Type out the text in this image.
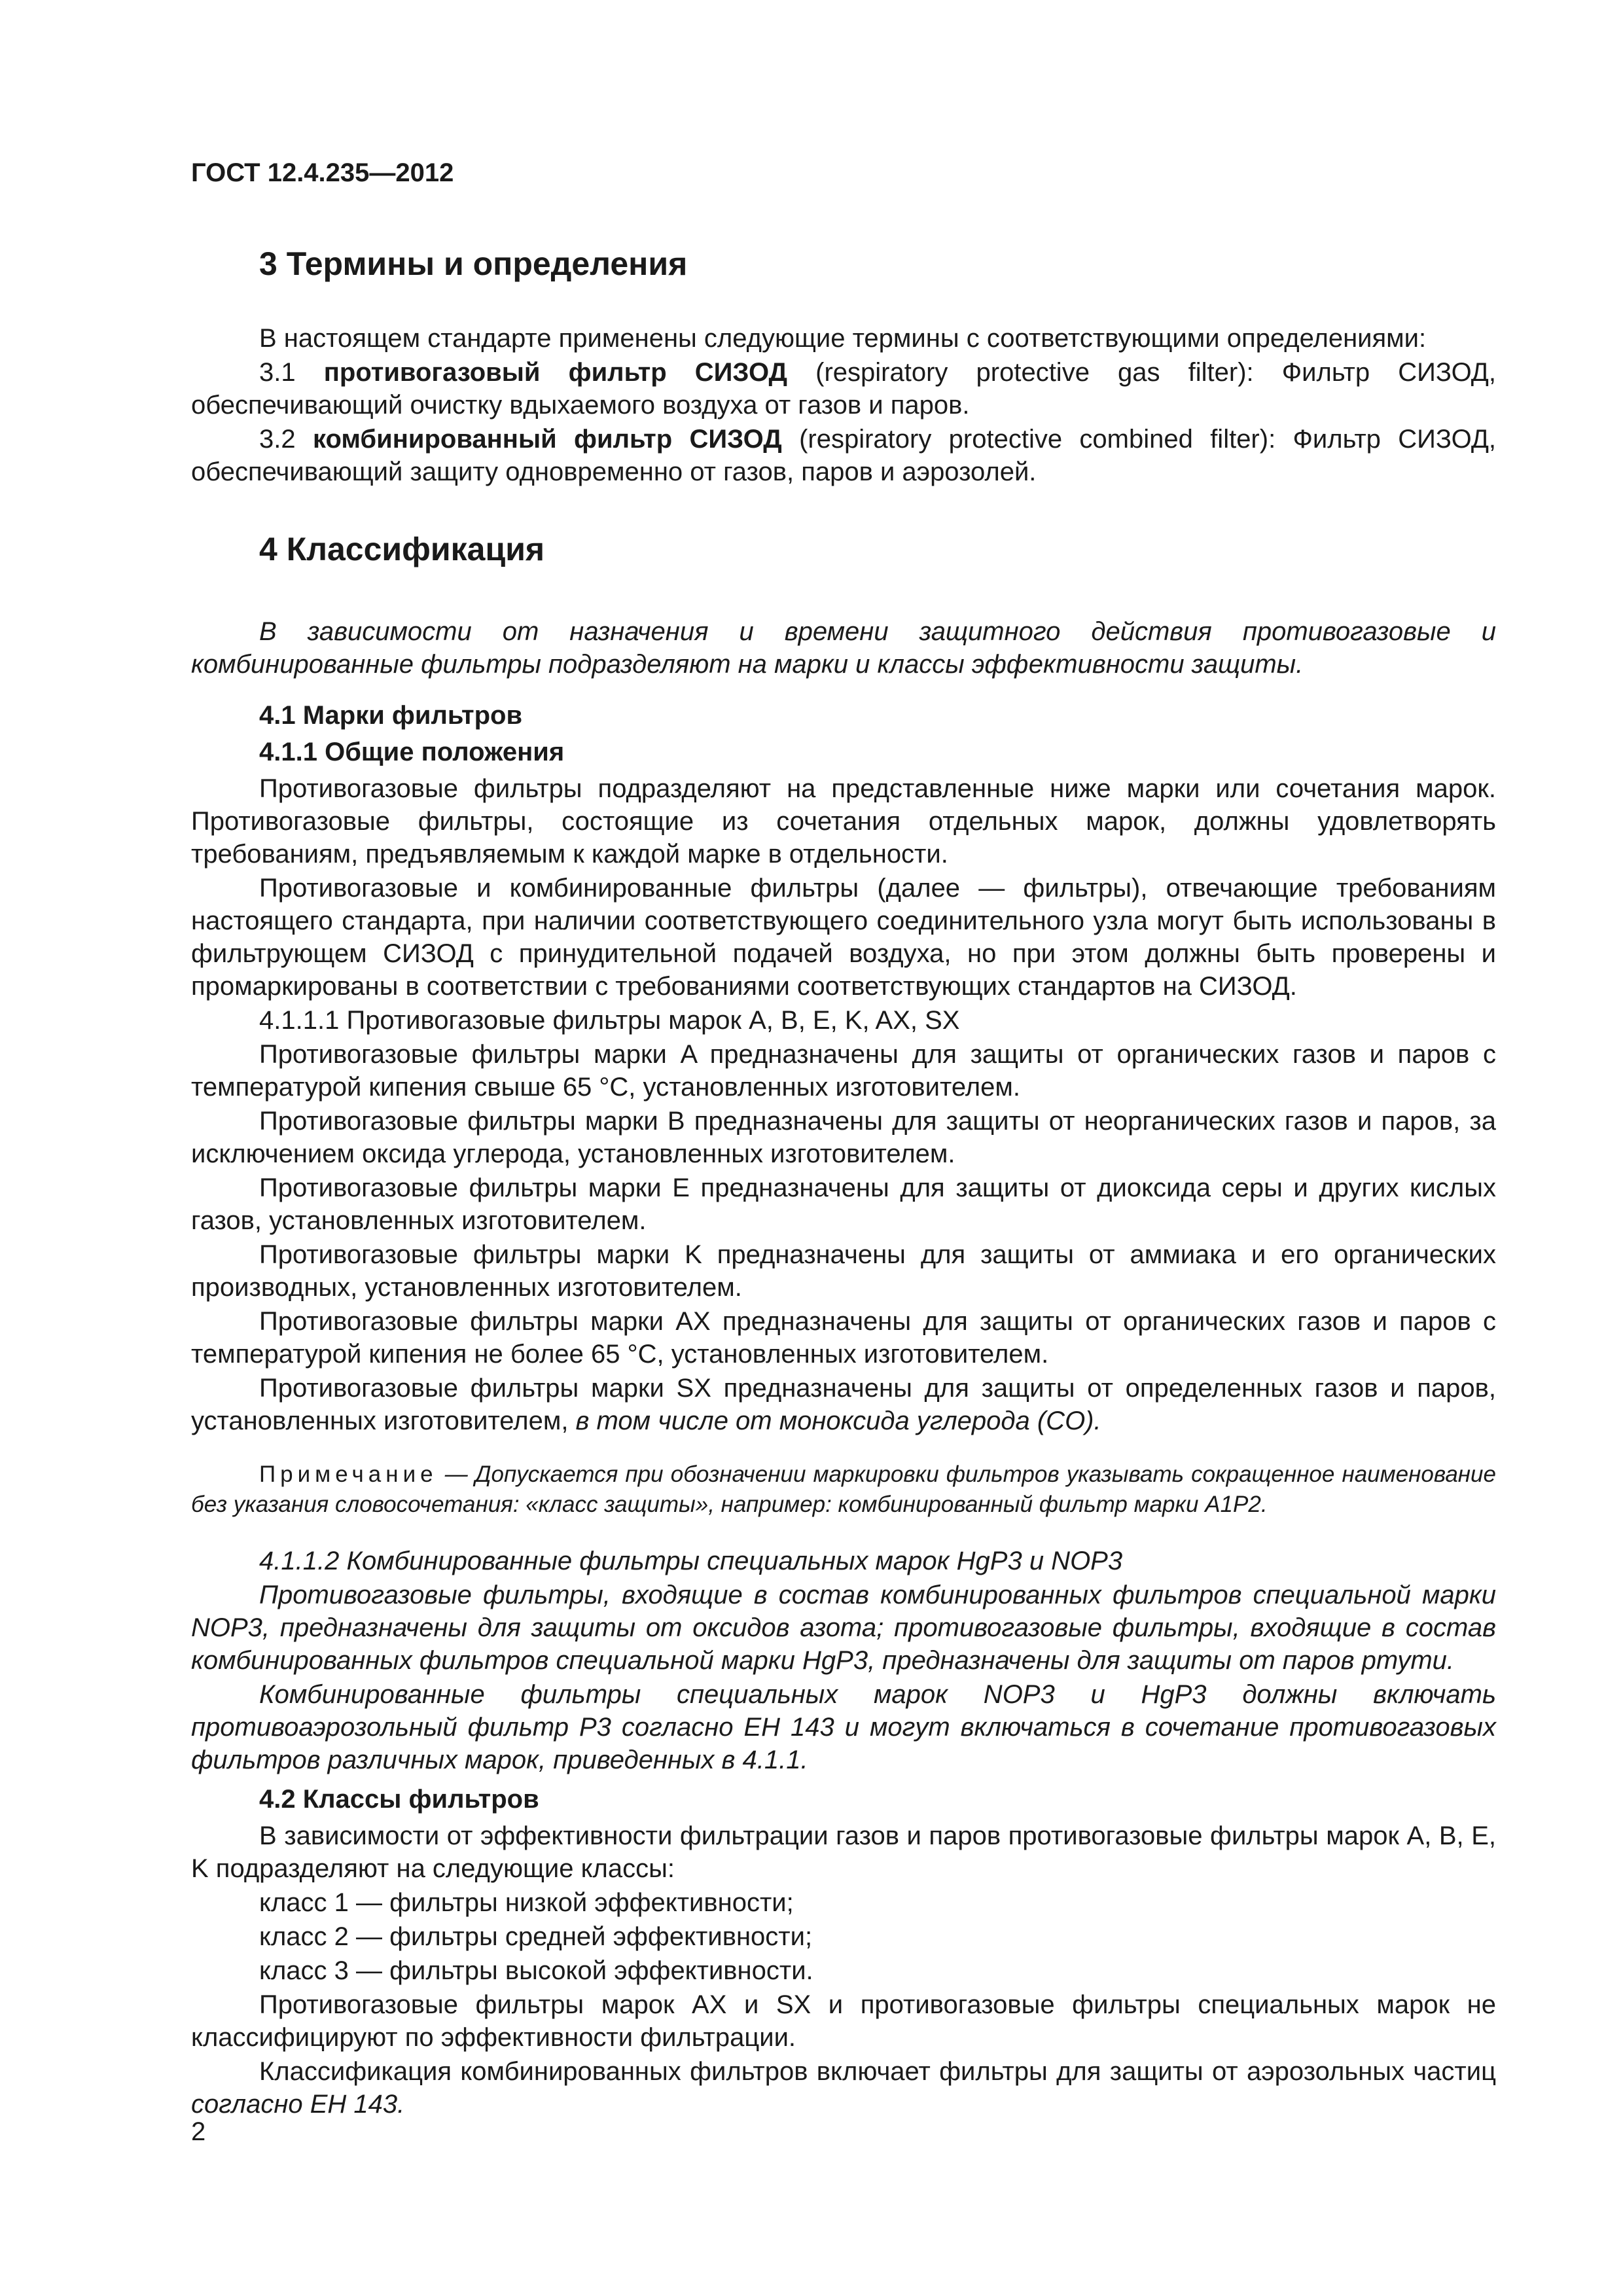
ГОСТ 12.4.235—2012
3 Термины и определения
В настоящем стандарте применены следующие термины с соответствующими определениями:
3.1 противогазовый фильтр СИЗОД (respiratory protective gas filter): Фильтр СИЗОД, обеспечивающий очистку вдыхаемого воздуха от газов и паров.
3.2 комбинированный фильтр СИЗОД (respiratory protective combined filter): Фильтр СИЗОД, обеспечивающий защиту одновременно от газов, паров и аэрозолей.
4 Классификация
В зависимости от назначения и времени защитного действия противогазовые и комбинированные фильтры подразделяют на марки и классы эффективности защиты.
4.1 Марки фильтров
4.1.1 Общие положения
Противогазовые фильтры подразделяют на представленные ниже марки или сочетания марок. Противогазовые фильтры, состоящие из сочетания отдельных марок, должны удовлетворять требованиям, предъявляемым к каждой марке в отдельности.
Противогазовые и комбинированные фильтры (далее — фильтры), отвечающие требованиям настоящего стандарта, при наличии соответствующего соединительного узла могут быть использованы в фильтрующем СИЗОД с принудительной подачей воздуха, но при этом должны быть проверены и промаркированы в соответствии с требованиями соответствующих стандартов на СИЗОД.
4.1.1.1 Противогазовые фильтры марок A, B, E, K, AX, SX
Противогазовые фильтры марки A предназначены для защиты от органических газов и паров с температурой кипения свыше 65 °C, установленных изготовителем.
Противогазовые фильтры марки B предназначены для защиты от неорганических газов и паров, за исключением оксида углерода, установленных изготовителем.
Противогазовые фильтры марки E предназначены для защиты от диоксида серы и других кислых газов, установленных изготовителем.
Противогазовые фильтры марки K предназначены для защиты от аммиака и его органических производных, установленных изготовителем.
Противогазовые фильтры марки AX предназначены для защиты от органических газов и паров с температурой кипения не более 65 °C, установленных изготовителем.
Противогазовые фильтры марки SX предназначены для защиты от определенных газов и паров, установленных изготовителем, в том числе от моноксида углерода (CO).
Примечание — Допускается при обозначении маркировки фильтров указывать сокращенное наименование без указания словосочетания: «класс защиты», например: комбинированный фильтр марки A1P2.
4.1.1.2 Комбинированные фильтры специальных марок HgP3 и NOP3
Противогазовые фильтры, входящие в состав комбинированных фильтров специальной марки NOP3, предназначены для защиты от оксидов азота; противогазовые фильтры, входящие в состав комбинированных фильтров специальной марки HgP3, предназначены для защиты от паров ртути.
Комбинированные фильтры специальных марок NOP3 и HgP3 должны включать противоаэрозольный фильтр P3 согласно ЕН 143 и могут включаться в сочетание противогазовых фильтров различных марок, приведенных в 4.1.1.
4.2 Классы фильтров
В зависимости от эффективности фильтрации газов и паров противогазовые фильтры марок A, B, E, K подразделяют на следующие классы:
класс 1 — фильтры низкой эффективности;
класс 2 — фильтры средней эффективности;
класс 3 — фильтры высокой эффективности.
Противогазовые фильтры марок AX и SX и противогазовые фильтры специальных марок не классифицируют по эффективности фильтрации.
Классификация комбинированных фильтров включает фильтры для защиты от аэрозольных частиц согласно ЕН 143.
2
